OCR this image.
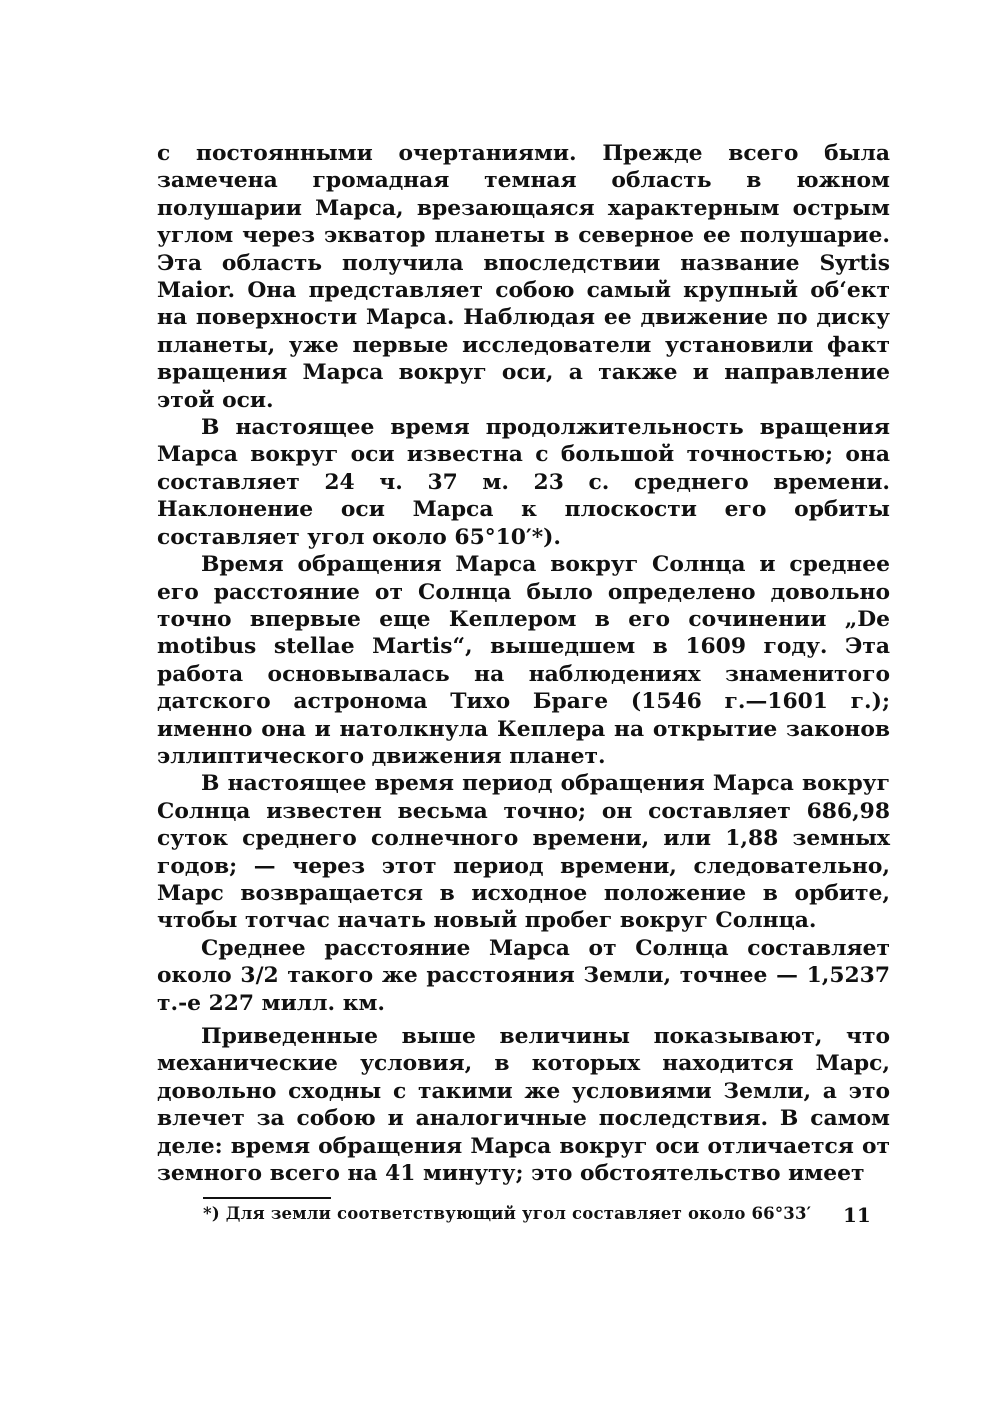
с постоянными очертаниями. Прежде всего была замечена громадная темная область в южном полушарии Марса, врезающаяся характерным острым углом через экватор планеты в северное ее полушарие. Эта область получила впоследствии название Syrtis Maior. Она представляет собою самый крупный об‘ект на поверхности Марса. Наблюдая ее движение по диску планеты, уже первые исследователи установили факт вращения Марса вокруг оси, а также и направление этой оси.

В настоящее время продолжительность вращения Марса вокруг оси известна с большой точностью; она составляет 24 ч. 37 м. 23 с. среднего времени. Наклонение оси Марса к плоскости его орбиты составляет угол около 65°10′*).

Время обращения Марса вокруг Солнца и среднее его расстояние от Солнца было определено довольно точно впервые еще Кеплером в его сочинении „De motibus stellae Martis“, вышедшем в 1609 году. Эта работа основывалась на наблюдениях знаменитого датского астронома Тихо Браге (1546 г.—1601 г.); именно она и натолкнула Кеплера на открытие законов эллиптического движения планет.

В настоящее время период обращения Марса вокруг Солнца известен весьма точно; он составляет 686,98 суток среднего солнечного времени, или 1,88 земных годов; — через этот период времени, следовательно, Марс возвращается в исходное положение в орбите, чтобы тотчас начать новый пробег вокруг Солнца.

Среднее расстояние Марса от Солнца составляет около 3/2 такого же расстояния Земли, точнее — 1,5237 т.-е 227 милл. км.

Приведенные выше величины показывают, что механические условия, в которых находится Марс, довольно сходны с такими же условиями Земли, а это влечет за собою и аналогичные последствия. В самом деле: время обращения Марса вокруг оси отличается от земного всего на 41 минуту; это обстоятельство имеет

*) Для земли соответствующий угол составляет около 66°33′	11
